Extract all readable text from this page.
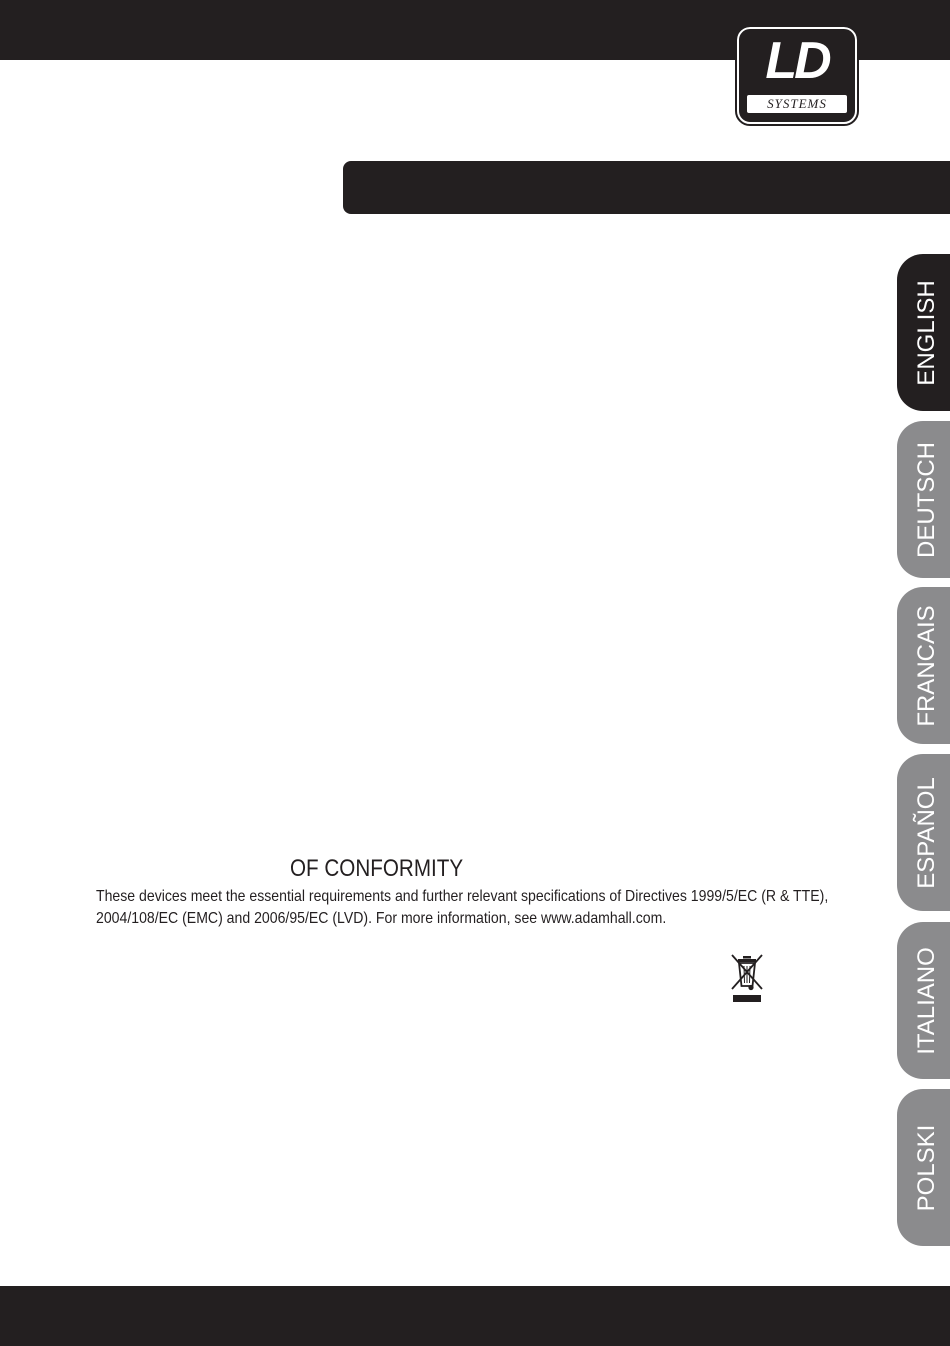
LD
SYSTEMS
ENGLISH
DEUTSCH
FRANCAIS
ESPAÑOL
ITALIANO
POLSKI
OF CONFORMITY
These devices meet the essential requirements and further relevant specifications of Directives 1999/5/EC (R & TTE), 2004/108/EC (EMC) and 2006/95/EC (LVD). For more information, see www.adamhall.com.
